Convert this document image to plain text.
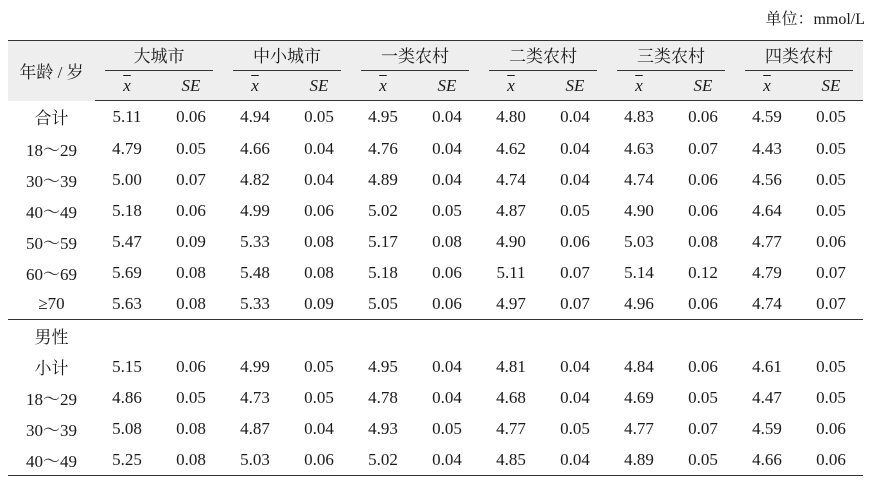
单位：mmol/L
年龄 / 岁	大城市		中小城市		一类农村		二类农村		三类农村		四类农村	

	$\overline{x}$	SE	$\overline{x}$	SE	$\overline{x}$	SE	$\overline{x}$	SE	$\overline{x}$	SE	$\overline{x}$	SE
合计	5.11	0.06	4.94	0.05	4.95	0.04	4.80	0.04	4.83	0.06	4.59	0.05
18～29	4.79	0.05	4.66	0.04	4.76	0.04	4.62	0.04	4.63	0.07	4.43	0.05
30～39	5.00	0.07	4.82	0.04	4.89	0.04	4.74	0.04	4.74	0.06	4.56	0.05
40～49	5.18	0.06	4.99	0.06	5.02	0.05	4.87	0.05	4.90	0.06	4.64	0.05
50～59	5.47	0.09	5.33	0.08	5.17	0.08	4.90	0.06	5.03	0.08	4.77	0.06
60～69	5.69	0.08	5.48	0.08	5.18	0.06	5.11	0.07	5.14	0.12	4.79	0.07
≥70	5.63	0.08	5.33	0.09	5.05	0.06	4.97	0.07	4.96	0.06	4.74	0.07
男性												
小计	5.15	0.06	4.99	0.05	4.95	0.04	4.81	0.04	4.84	0.06	4.61	0.05
18～29	4.86	0.05	4.73	0.05	4.78	0.04	4.68	0.04	4.69	0.05	4.47	0.05
30～39	5.08	0.08	4.87	0.04	4.93	0.05	4.77	0.05	4.77	0.07	4.59	0.06
40～49	5.25	0.08	5.03	0.06	5.02	0.04	4.85	0.04	4.89	0.05	4.66	0.06
